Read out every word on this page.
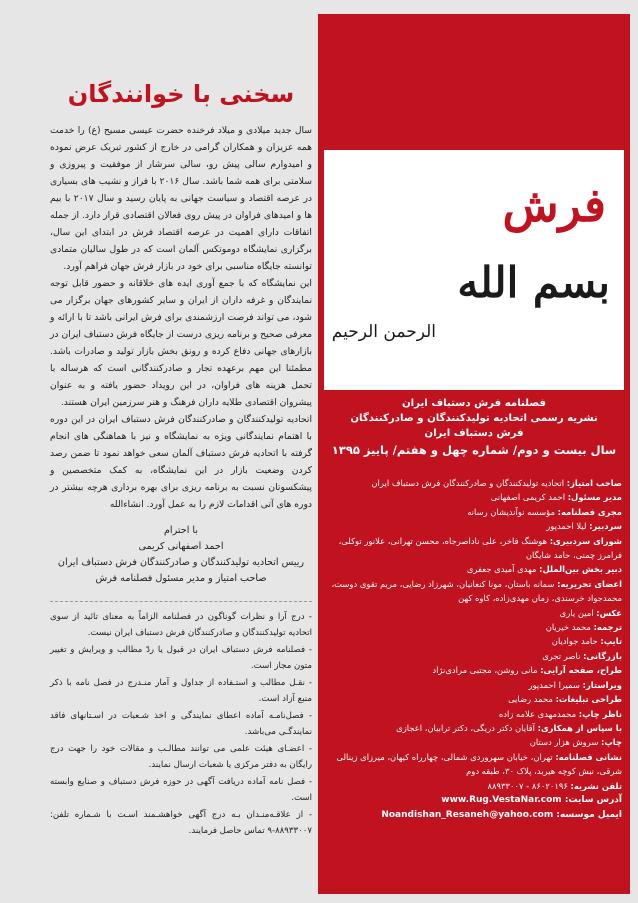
سخنی با خوانندگان

سال جدید میلادی و میلاد فرخنده حضرت عیسی مسیح (ع) را خدمت همه عزیزان و همکاران گرامی در خارج از کشور تبریک عرض نموده و امیدوارم سالی پیش رو، سالی سرشار از موفقیت و پیروزی و سلامتی برای همه شما باشد. سال ۲۰۱۶ با فراز و نشیب های بسیاری در عرصه اقتصاد و سیاست جهانی به پایان رسید و سال ۲۰۱۷ با بیم ها و امیدهای فراوان در پیش روی فعالان اقتصادی قرار دارد. از جمله اتفاقات دارای اهمیت در عرصه اقتصاد فرش در ابتدای این سال، برگزاری نمایشگاه دوموتکس آلمان است که در طول سالیان متمادی توانسته جایگاه مناسبی برای خود در بازار فرش جهان فراهم آورد.

این نمایشگاه که با جمع آوری ایده های خلاقانه و حضور قابل توجه نمایندگان و غرفه داران از ایران و سایر کشورهای جهان برگزار می شود، می تواند فرصت ارزشمندی برای فرش ایرانی باشد تا با ارائه و معرفی صحیح و برنامه ریزی درست از جایگاه فرش دستباف ایران در بازارهای جهانی دفاع کرده و رونق بخش بازار تولید و صادرات باشد. مطمئنا این مهم برعهده تجار و صادرکنندگانی است که هرساله با تحمل هزینه های فراوان، در این رویداد حضور یافته و به عنوان پیشروان اقتصادی طلایه داران فرهنگ و هنر سرزمین ایران هستند.

اتحادیه تولیدکنندگان و صادرکنندگان فرش دستباف ایران در این دوره با اهتمام نمایندگانی ویژه به نمایشگاه و نیز با هماهنگی های انجام گرفته با اتحادیه فرش دستباف آلمان سعی خواهد نمود تا ضمن رصد کردن وضعیت بازار در این نمایشگاه، به کمک متخصصین و پیشکسوتان نسبت به برنامه ریزی برای بهره برداری هرچه بیشتر در دوره های آتی اقدامات لازم را به عمل آورد. انشاءالله

با احترام
احمد اصفهانی کریمی
رییس اتحادیه تولیدکنندگان و صادرکنندگان فرش دستباف ایران
صاحب امتیاز و مدیر مسئول فصلنامه فرش

- درج آرا و نظرات گوناگون در فصلنامه الزاماً به معنای تائید از سوی اتحادیه تولیدکنندگان و صادرکنندگان فرش دستباف ایران نیست.

- فصلنامه فرش دستباف ایران در قبول یا ردّ مطالب و ویرایش و تغییر متون مجاز است.

- نقـل مطالب و استـفاده از جداول و آمار منـدرج در فصل نامه با ذکر منبع آزاد است.

- فصل‌نامـه آماده اعطای نمایندگی و اخذ شـعبات در اسـتانهای فاقد نمایندگـی می‌باشد.

- اعضـای هیئت علمی می توانند مطالـب و مقالات خود را جهت درج رایگان به دفتر مرکزی یا شعبات ارسال نمایند.

- فصل نامه آماده دریافت آگهی در حوزه فرش دستباف و صنایع وابسته است.

- از علاقـه‌منـدان بـه درج آگهی خواهشـمند اسـت با شـماره تلفن: ۸۸۹۳۳۰۰۷-۹ تماس حاصل فرمایند.

فرش
بسم الله
الرحمن الرحیم
فصلنامه فرش دستباف ایران
نشریه رسمی اتحادیه تولیدکنندگان و صادرکنندگان
فرش دستباف ایران
سال بیست و دوم/ شماره چهل و هفتم/ پاییز ۱۳۹۵
صاحب امتیاز: اتحادیه تولیدکنندگان و صادرکنندگان فرش دستباف ایران
مدیر مسئول: احمد کریمی اصفهانی
مجری فصلنامه: مؤسسه نوآندیشان رسانه
سردبیر: لیلا احمدپور
شورای سردبیری: هوشنگ فاخر، علی ناداصرجاه، محسن تهرانی، علانور توکلی، فرامرز چمنی، حامد شایگان
دبیر بخش بین‌الملل: مهدی آمیدی جعفری
اعضای تحریریه: سمانه باستان، مونا کنعانیان، شهرزاد رضایی، مریم تقوی دوست، محمدجواد خرسندی، زمان مهدی‌زاده، کاوه کهن
عکس: امین یاری
ترجمه: محمد خیریان
تایپ: حامد جوادیان
بازرگانی: ناصر تجری
طراح، صفحه آرایی: مانی روشن، مجتبی مرادی‌نژاد
ویراستار: سمیرا احمدپور
طراحی تبلیغات: محمد رضایی
ناظر چاپ: محمدمهدی علامه زاده
با سپاس از همکاری: آقایان دکتر دریگی، دکتر ترابیان، اعجازی
چاپ: سروش هزار دستان
نشانی فصلنامه: تهران، خیابان سهروردی شمالی، چهارراه کیهان، میرزای زینالی شرقی، نبش کوچه هیربد، پلاک ۳۰، طبقه دوم
تلفن نشریه: ۸۶۰۲۰۱۹۶ - ۸۸۹۳۳۰۰۷
آدرس سایت: www.Rug.VestaNar.com
ایمیل موسسه: Noandishan_Resaneh@yahoo.com
